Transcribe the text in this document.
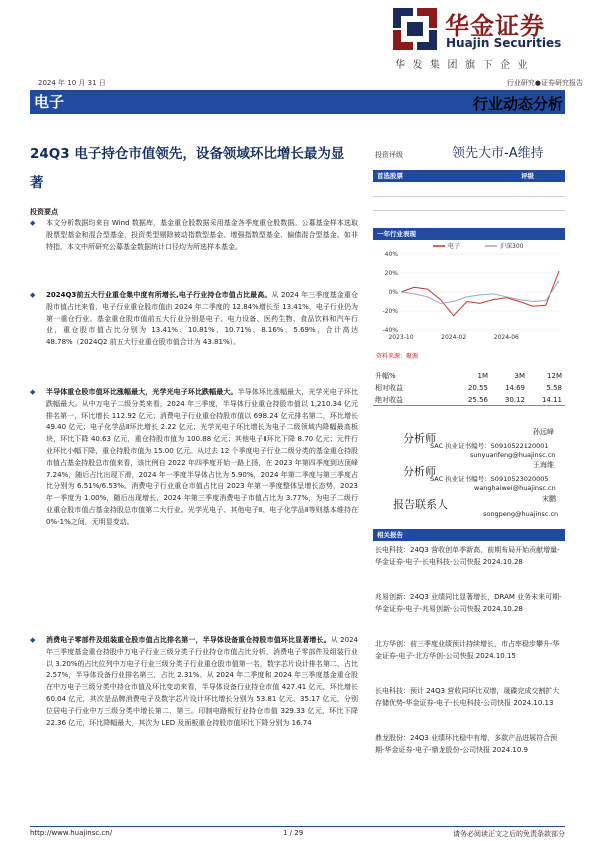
华金证券
Huajin Securities
华发集团旗下企业
2024 年 10 月 31 日	行业研究●证券研究报告
电子	行业动态分析
24Q3 电子持仓市值领先，设备领域环比增长最为显著
投资要点
◆ 本文分析数据均来自 Wind 数据库，基金重仓股数据采用基金各季度重仓股数据。公募基金样本选取股票型基金和混合型基金，投资类型剔除被动指数型基金、增强指数型基金、偏债混合型基金。如非特指，本文中所研究公募基金数据统计口径均为所选样本基金。
◆ 2024Q3前五大行业重仓集中度有所增长,电子行业持仓市值占比最高。从 2024 年三季度基金重仓股市值占比来看，电子行业重仓股市值由 2024 年二季度的 12.84%增长至 13.41%，电子行业仍为第一重仓行业。基金重仓股市值前五大行业分别是电子、电力设备、医药生物、食品饮料和汽车行业，重仓股市值占比分别为 13.41%、10.81%、10.71%、8.16%、5.69%，合计高达 48.78%（2024Q2 前五大行业重仓股市值合计为 43.81%）。
◆ 半导体重仓股市值环比涨幅最大，光学光电子环比跌幅最大。半导体环比涨幅最大，光学光电子环比跌幅最大。从中万电子二级分类来看，2024 年三季度，半导体行业重仓持股市值以 1,210.34 亿元排名第一，环比增长 112.92 亿元；消费电子行业重仓持股市值以 698.24 亿元排名第二，环比增长 49.40 亿元；电子化学品Ⅱ环比增长 2.22 亿元；光学光电子环比增长为电子二级领域内降幅最高板块，环比下降 40.63 亿元，重仓持股市值为 100.88 亿元；其他电子Ⅱ环比下降 8.70 亿元；元件行业环比小幅下降，重仓持股市值为 15.00 亿元。从过去 12 个季度电子行业二级分类的基金重仓持股市值占基金持股总市值来看，该比例自 2022 年四季度开始一路上扬，在 2023 年第四季度到达顶峰 7.24%，随后占比出现下滑，2024 年一季度半导体占比为 5.90%，2024 年第二季度与第三季度占比分别为 6.51%/6.53%。消费电子行业重仓市值占比自 2023 年第一季度整体呈增长态势，2023 年一季度为 1.00%，随后出现增长，2024 年第三季度消费电子市值占比为 3.77%，为电子二级行业重仓股市值占基金持股总市值第二大行业。光学光电子、其他电子Ⅱ、电子化学品Ⅱ等则基本维持在 0%-1%之间，无明显变动。
◆ 消费电子零部件及组装重仓股市值占比排名第一，半导体设备重仓持股市值环比显著增长。从 2024 年三季度基金重仓持股中万电子行业三级分类子行业持仓市值占比分析，消费电子零部件及组装行业以 3.20%的占比位列中万电子行业三级分类子行业重仓股市值第一名，数字芯片设计排名第二，占比 2.57%，半导体设备行业排名第三，占比 2.31%。从 2024 年二季度和 2024 年三季度基金重仓股在中万电子三级分类中持仓市值及环比变动来看，半导体设备行业持仓市值 427.41 亿元，环比增长 60.04 亿元，其次是品牌消费电子及数字芯片设计环比增长分别为 53.81 亿元、35.17 亿元，分别位居电子行业中万三级分类中增长第二、第三。印制电路板行业持仓市值 329.33 亿元，环比下降 22.36 亿元，环比降幅最大，其次为 LED 及面板重仓持股市值环比下降分别为 16.74
投资评级	领先大市-A维持
首选股票	评级
一年行业表现
40%
20%
0%
-20%
-40%
2023-10	2024-02	2024-06
电子	沪深300
资料来源：聚源
升幅%	1M	3M	12M
相对收益	20.55	14.69	5.58
绝对收益	25.56	30.12	14.11
分析师	孙远峰
SAC 执业证书编号：S0910522120001
sunyuanfeng@huajinsc.cn
分析师	王海维
SAC 执业证书编号：S0910523020005
wanghaiwei@huajinsc.cn
报告联系人	宋鹏
songpeng@huajinsc.cn
相关报告
长电科技：24Q3 营收创单季新高，前期布局开始贡献增量-华金证券-电子-长电科技-公司快报 2024.10.28
兆易创新：24Q3 业绩同比显著增长，DRAM 业务未来可期-华金证券-电子-兆易创新-公司快报 2024.10.28
北方华创：前三季度业绩预计持续增长，市占率稳步攀升-华金证券-电子-北方华创-公司快报 2024.10.15
长电科技：预计 24Q3 营收同环比双增，晟碟完成交割扩大存储优势-华金证券-电子-长电科技-公司快报 2024.10.13
鼎龙股份：24Q3 业绩环比稳中有增，多款产品进展符合预期-华金证券-电子-鼎龙股份-公司快报 2024.10.9
http://www.huajinsc.cn/	1 / 29	请务必阅读正文之后的免责条款部分
